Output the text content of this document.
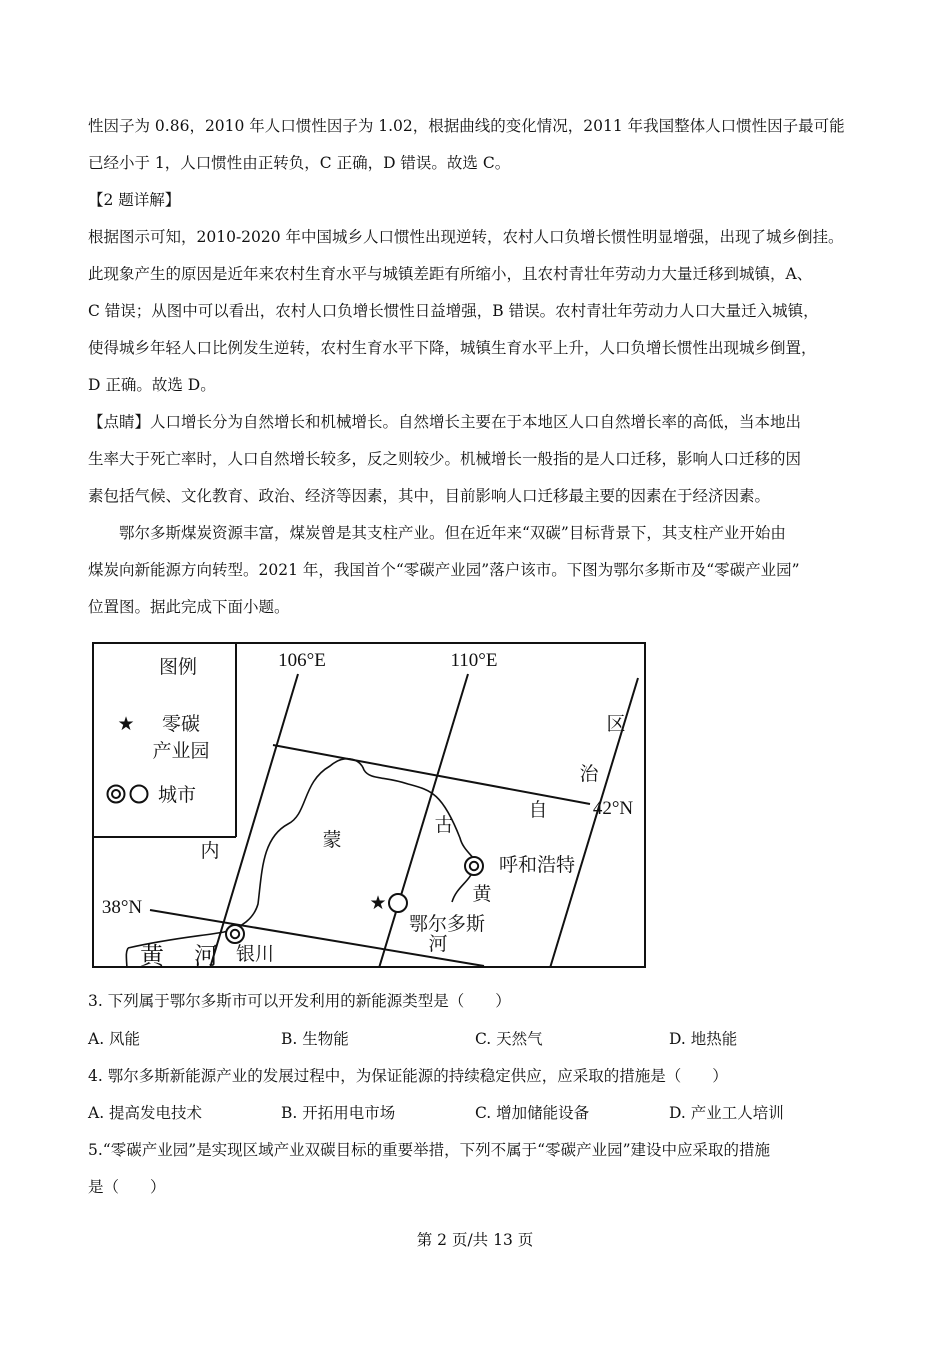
性因子为 0.86，2010 年人口惯性因子为 1.02，根据曲线的变化情况，2011 年我国整体人口惯性因子最可能

已经小于 1，人口惯性由正转负，C 正确，D 错误。故选 C。

【2 题详解】

根据图示可知，2010-2020 年中国城乡人口惯性出现逆转，农村人口负增长惯性明显增强，出现了城乡倒挂。

此现象产生的原因是近年来农村生育水平与城镇差距有所缩小，且农村青壮年劳动力大量迁移到城镇，A、

C 错误；从图中可以看出，农村人口负增长惯性日益增强，B 错误。农村青壮年劳动力人口大量迁入城镇，

使得城乡年轻人口比例发生逆转，农村生育水平下降，城镇生育水平上升，人口负增长惯性出现城乡倒置，

D 正确。故选 D。

【点睛】人口增长分为自然增长和机械增长。自然增长主要在于本地区人口自然增长率的高低，当本地出

生率大于死亡率时，人口自然增长较多，反之则较少。机械增长一般指的是人口迁移，影响人口迁移的因

素包括气候、文化教育、政治、经济等因素，其中，目前影响人口迁移最主要的因素在于经济因素。

鄂尔多斯煤炭资源丰富，煤炭曾是其支柱产业。但在近年来“双碳”目标背景下，其支柱产业开始由

煤炭向新能源方向转型。2021 年，我国首个“零碳产业园”落户该市。下图为鄂尔多斯市及“零碳产业园”

位置图。据此完成下面小题。

图例
★ 零碳
产业园
城市
106°E	110°E
42°N
38°N
内	蒙
古
自
治
区
呼和浩特
银川
★
鄂尔多斯
黄 河
黄
河
3. 下列属于鄂尔多斯市可以开发利用的新能源类型是（　　）
A. 风能	B. 生物能	C. 天然气	D. 地热能
4. 鄂尔多斯新能源产业的发展过程中，为保证能源的持续稳定供应，应采取的措施是（　　）
A. 提高发电技术	B. 开拓用电市场	C. 增加储能设备	D. 产业工人培训
5.“零碳产业园”是实现区域产业双碳目标的重要举措，下列不属于“零碳产业园”建设中应采取的措施
是（　　）
第 2 页/共 13 页
